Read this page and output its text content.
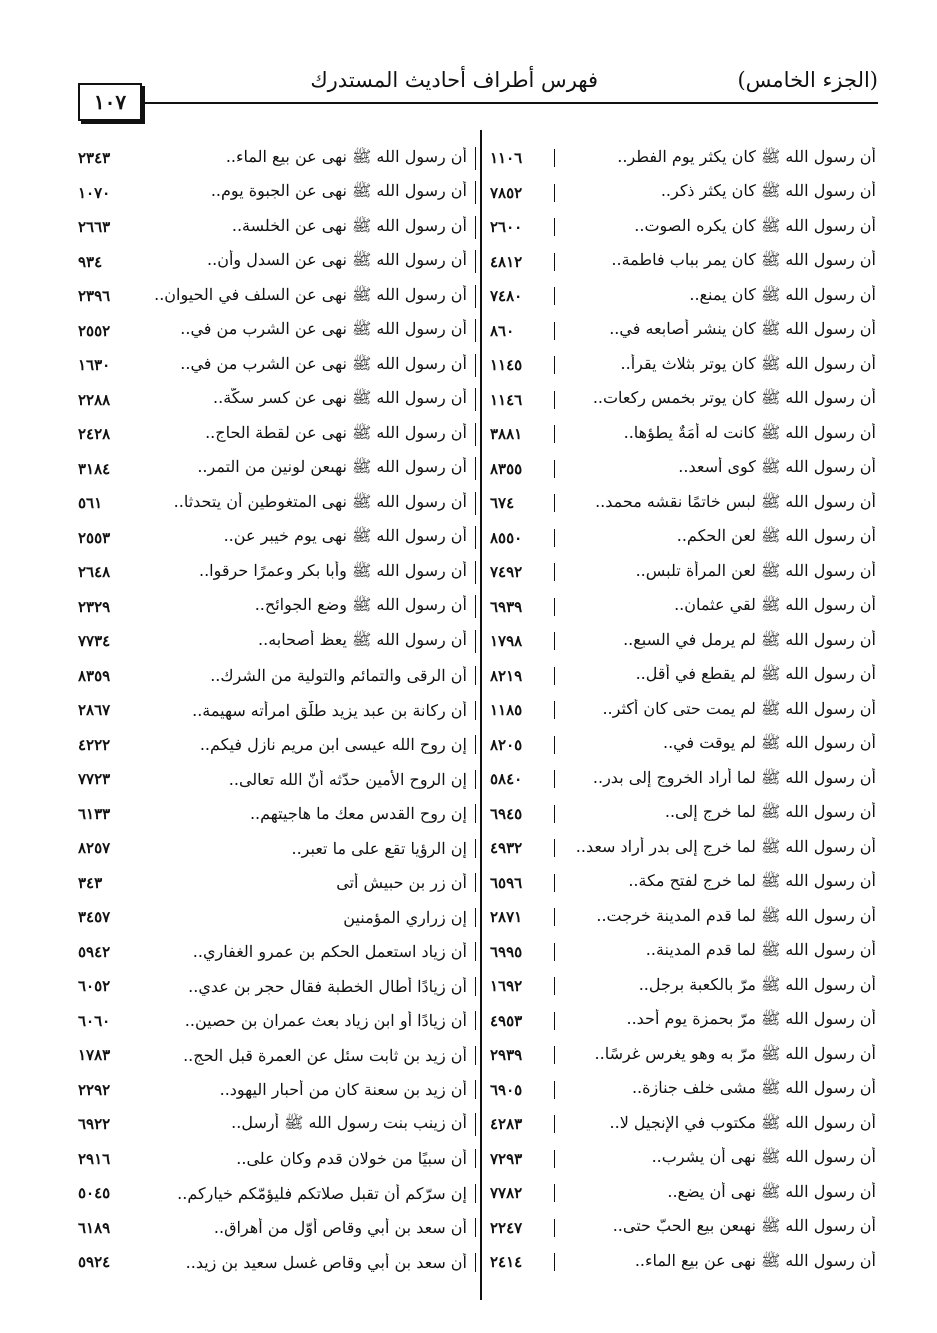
(الجزء الخامس)
فهرس أطراف أحاديث المستدرك
١٠٧
أن رسول الله ﷺ كان يكثر يوم الفطر..
١١٠٦
أن رسول الله ﷺ كان يكثر ذكر..
٧٨٥٢
أن رسول الله ﷺ كان يكره الصوت..
٢٦٠٠
أن رسول الله ﷺ كان يمر بباب فاطمة..
٤٨١٢
أن رسول الله ﷺ كان يمنع..
٧٤٨٠
أن رسول الله ﷺ كان ينشر أصابعه في..
٨٦٠
أن رسول الله ﷺ كان يوتر بثلاث يقرأ..
١١٤٥
أن رسول الله ﷺ كان يوتر بخمس ركعات..
١١٤٦
أن رسول الله ﷺ كانت له أمَةٌ يطؤها..
٣٨٨١
أن رسول الله ﷺ كوى أسعد..
٨٣٥٥
أن رسول الله ﷺ لبس خاتمًا نقشه محمد..
٦٧٤
أن رسول الله ﷺ لعن الحكم..
٨٥٥٠
أن رسول الله ﷺ لعن المرأة تلبس..
٧٤٩٢
أن رسول الله ﷺ لقي عثمان..
٦٩٣٩
أن رسول الله ﷺ لم يرمل في السبع..
١٧٩٨
أن رسول الله ﷺ لم يقطع في أقل..
٨٢١٩
أن رسول الله ﷺ لم يمت حتى كان أكثر..
١١٨٥
أن رسول الله ﷺ لم يوقت في..
٨٢٠٥
أن رسول الله ﷺ لما أراد الخروج إلى بدر..
٥٨٤٠
أن رسول الله ﷺ لما خرج إلى..
٦٩٤٥
أن رسول الله ﷺ لما خرج إلى بدر أراد سعد..
٤٩٣٢
أن رسول الله ﷺ لما خرج لفتح مكة..
٦٥٩٦
أن رسول الله ﷺ لما قدم المدينة خرجت..
٢٨٧١
أن رسول الله ﷺ لما قدم المدينة..
٦٩٩٥
أن رسول الله ﷺ مرّ بالكعبة برجل..
١٦٩٢
أن رسول الله ﷺ مرّ بحمزة يوم أحد..
٤٩٥٣
أن رسول الله ﷺ مرّ به وهو يغرس غرسًا..
٢٩٣٩
أن رسول الله ﷺ مشى خلف جنازة..
٦٩٠٥
أن رسول الله ﷺ مكتوب في الإنجيل لا..
٤٢٨٣
أن رسول الله ﷺ نهى أن يشرب..
٧٢٩٣
أن رسول الله ﷺ نهى أن يضع..
٧٧٨٢
أن رسول الله ﷺ نهىعن بيع الحبّ حتى..
٢٢٤٧
أن رسول الله ﷺ نهى عن بيع الماء..
٢٤١٤
أن رسول الله ﷺ نهى عن بيع الماء..
٢٣٤٣
أن رسول الله ﷺ نهى عن الجبوة يوم..
١٠٧٠
أن رسول الله ﷺ نهى عن الخلسة..
٢٦٦٣
أن رسول الله ﷺ نهى عن السدل وأن..
٩٣٤
أن رسول الله ﷺ نهى عن السلف في الحيوان..
٢٣٩٦
أن رسول الله ﷺ نهى عن الشرب من في..
٢٥٥٢
أن رسول الله ﷺ نهى عن الشرب من في..
١٦٣٠
أن رسول الله ﷺ نهى عن كسر سكّة..
٢٢٨٨
أن رسول الله ﷺ نهى عن لقطة الحاج..
٢٤٢٨
أن رسول الله ﷺ نهىعن لونين من التمر..
٣١٨٤
أن رسول الله ﷺ نهى المتغوطين أن يتحدثا..
٥٦١
أن رسول الله ﷺ نهى يوم خيبر عن..
٢٥٥٣
أن رسول الله ﷺ وأبا بكر وعمرًا حرقوا..
٢٦٤٨
أن رسول الله ﷺ وضع الجوائح..
٢٣٢٩
أن رسول الله ﷺ يعظ أصحابه..
٧٧٣٤
أن الرقى والتمائم والتولية من الشرك..
٨٣٥٩
أن ركانة بن عبد يزيد طلّق امرأته سهيمة..
٢٨٦٧
إن روح الله عيسى ابن مريم نازل فيكم..
٤٢٢٢
إن الروح الأمين حدّثه أنّ الله تعالى..
٧٧٢٣
إن روح القدس معك ما هاجيتهم..
٦١٣٣
إن الرؤيا تقع على ما تعبر..
٨٢٥٧
أن زر بن حبيش أتى
٣٤٣
إن زراري المؤمنين
٣٤٥٧
أن زياد استعمل الحكم بن عمرو الغفاري..
٥٩٤٢
أن زيادًا أطال الخطبة فقال حجر بن عدي..
٦٠٥٢
أن زيادًا أو ابن زياد بعث عمران بن حصين..
٦٠٦٠
أن زيد بن ثابت سئل عن العمرة قبل الحج..
١٧٨٣
أن زيد بن سعنة كان من أحبار اليهود..
٢٢٩٢
أن زينب بنت رسول الله ﷺ أرسل..
٦٩٢٢
أن سبيًا من خولان قدم وكان على..
٢٩١٦
إن سرّكم أن تقبل صلاتكم فليؤمّكم خياركم..
٥٠٤٥
أن سعد بن أبي وقاص أوّل من أهراق..
٦١٨٩
أن سعد بن أبي وقاص غسل سعيد بن زيد..
٥٩٢٤
